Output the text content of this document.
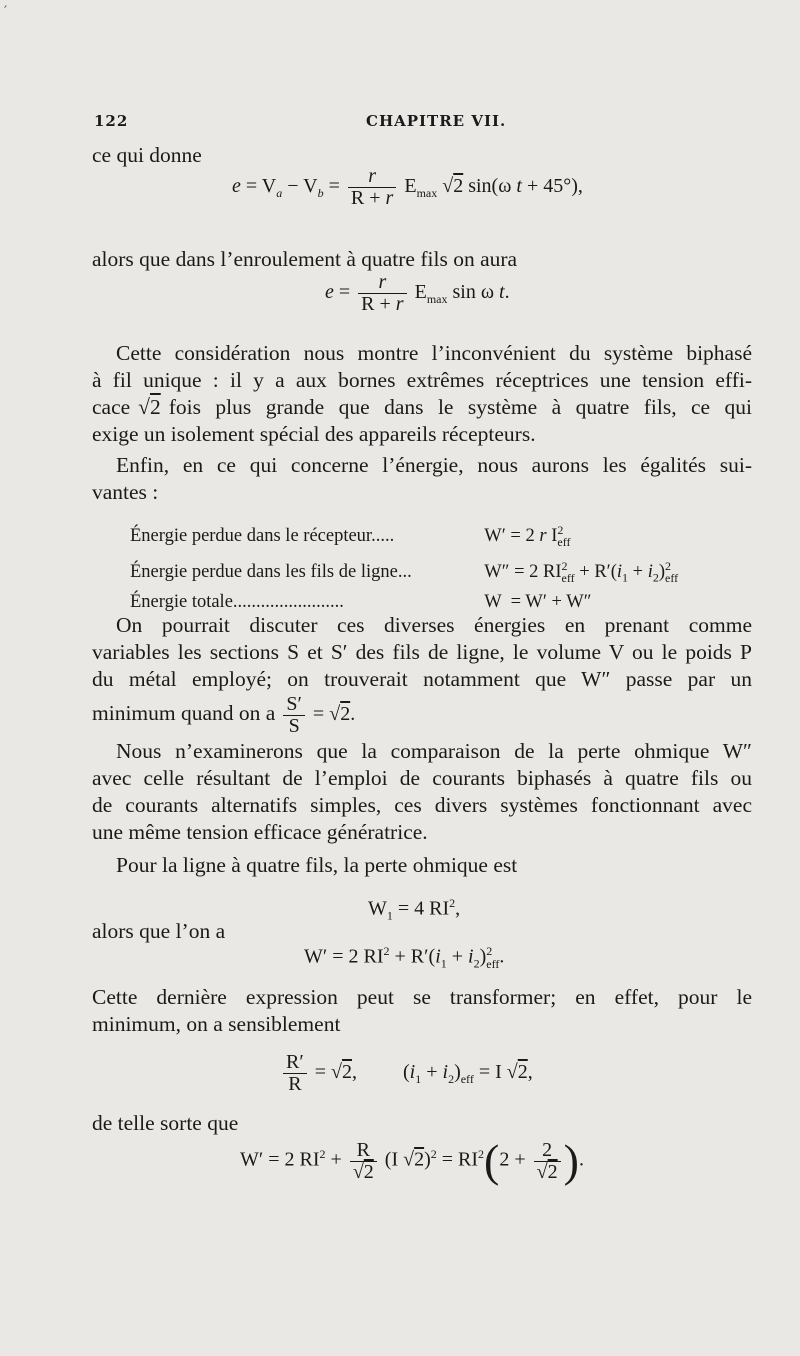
′
122	CHAPITRE VII.
ce qui donne
$e = V_a - V_b = \frac{r}{R + r} E_{max}$ √2 sin(ω t + 45°),
alors que dans l’enroulement à quatre fils on aura
$e = \frac{r}{R + r} E_{max}$ sin ω t.
Cette considération nous montre l’inconvénient du système biphasé
à fil unique : il y a aux bornes extrêmes réceptrices une tension effi-
cace √2 fois plus grande que dans le système à quatre fils, ce qui
exige un isolement spécial des appareils récepteurs.
Enfin, en ce qui concerne l’énergie, nous aurons les égalités sui-
vantes :
Énergie perdue dans le récepteur.....	W′ = 2 r $I^2_{eff}$
Énergie perdue dans les fils de ligne...	W″ = 2 $RI^2_{eff} + R'(i_1 + i_2)^2_{eff}$
Énergie totale........................	W  = W′ + W″
On pourrait discuter ces diverses énergies en prenant comme
variables les sections S et S′ des fils de ligne, le volume V ou le poids P
du métal employé; on trouverait notamment que W″ passe par un
minimum quand on a $\frac{S'}{S} = √2$.
Nous n’examinerons que la comparaison de la perte ohmique W″
avec celle résultant de l’emploi de courants biphasés à quatre fils ou
de courants alternatifs simples, ces divers systèmes fonctionnant avec
une même tension efficace génératrice.
Pour la ligne à quatre fils, la perte ohmique est
$W_1 = 4$ $RI^2$,
alors que l’on a
W′ = 2 $RI^2 + R'(i_1 + i_2)^2_{eff}$.
Cette dernière expression peut se transformer; en effet, pour le
minimum, on a sensiblement
$\frac{R'}{R} = √2$,  $(i_1 + i_2)_{eff} = I$ √2,
de telle sorte que
W′ = 2 $RI^2 + \frac{R}{√2} (I$ $√2)^2 = RI^2(2 + \frac{2}{√2}$ ).
